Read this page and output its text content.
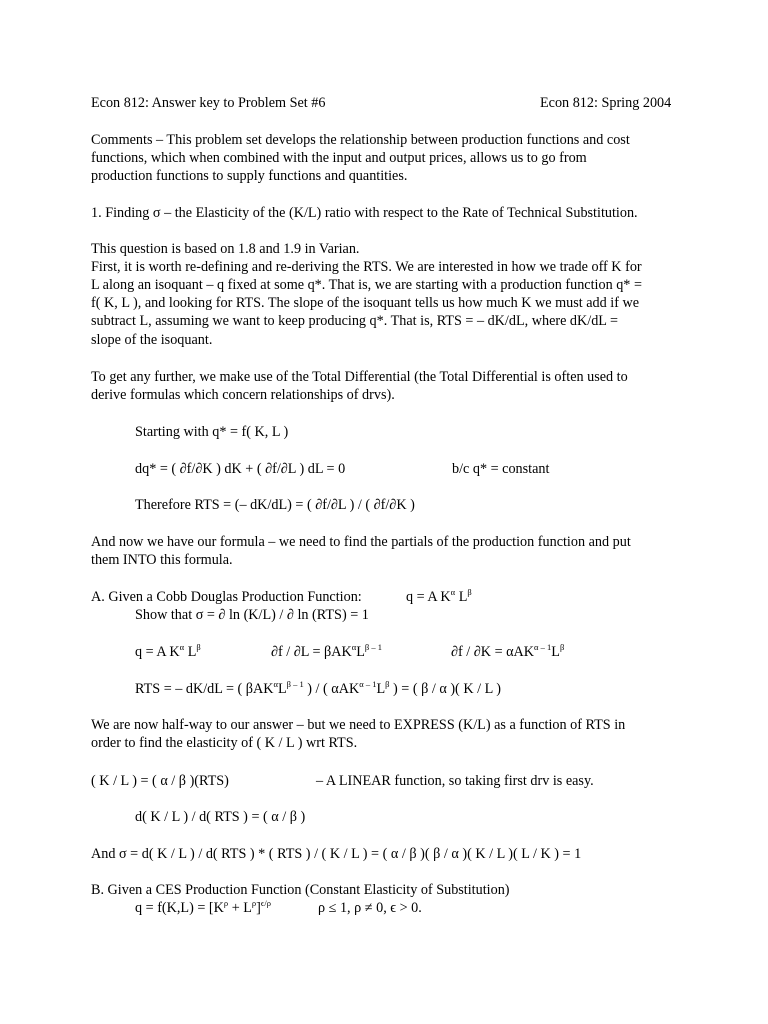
Econ 812: Answer key to Problem Set #6	Econ 812: Spring 2004
Comments – This problem set develops the relationship between production functions and cost
functions, which when combined with the input and output prices, allows us to go from
production functions to supply functions and quantities.
1. Finding σ – the Elasticity of the (K/L) ratio with respect to the Rate of Technical Substitution.
This question is based on 1.8 and 1.9 in Varian.
First, it is worth re-defining and re-deriving the RTS. We are interested in how we trade off K for
L along an isoquant – q fixed at some q*. That is, we are starting with a production function q* =
f( K, L ), and looking for RTS. The slope of the isoquant tells us how much K we must add if we
subtract L, assuming we want to keep producing q*. That is, RTS = – dK/dL, where dK/dL =
slope of the isoquant.
To get any further, we make use of the Total Differential (the Total Differential is often used to
derive formulas which concern relationships of drvs).
Starting with q* = f( K, L )
dq* = ( ∂f/∂K ) dK + ( ∂f/∂L ) dL = 0	b/c q* = constant
Therefore RTS = (– dK/dL) = ( ∂f/∂L ) / ( ∂f/∂K )
And now we have our formula – we need to find the partials of the production function and put
them INTO this formula.
A. Given a Cobb Douglas Production Function:	q = A $K^\alpha$ $L^\beta$
Show that σ = ∂ ln (K/L) / ∂ ln (RTS) = 1
q = A $K^\alpha$ $L^\beta$	$\partial f / \partial L = \beta AK^\alpha L^{\beta - 1}$	$\partial f / \partial K = \alpha AK^{\alpha - 1}L^\beta$
RTS = – dK/dL = ( $\beta AK^\alpha L^{\beta - 1}$ ) / ( $\alpha AK^{\alpha - 1}L^\beta$ ) = ( β / α )( K / L )
We are now half-way to our answer – but we need to EXPRESS (K/L) as a function of RTS in
order to find the elasticity of ( K / L ) wrt RTS.
( K / L ) = ( α / β )(RTS)	– A LINEAR function, so taking first drv is easy.
d( K / L ) / d( RTS ) = ( α / β )
And σ = d( K / L ) / d( RTS ) * ( RTS ) / ( K / L ) = ( α / β )( β / α )( K / L )( L / K ) = 1
B. Given a CES Production Function (Constant Elasticity of Substitution)
$q = f(K,L) = [K^\rho + L^\rho]^{\epsilon/\rho}$	ρ ≤ 1, ρ ≠ 0, ϵ > 0.
